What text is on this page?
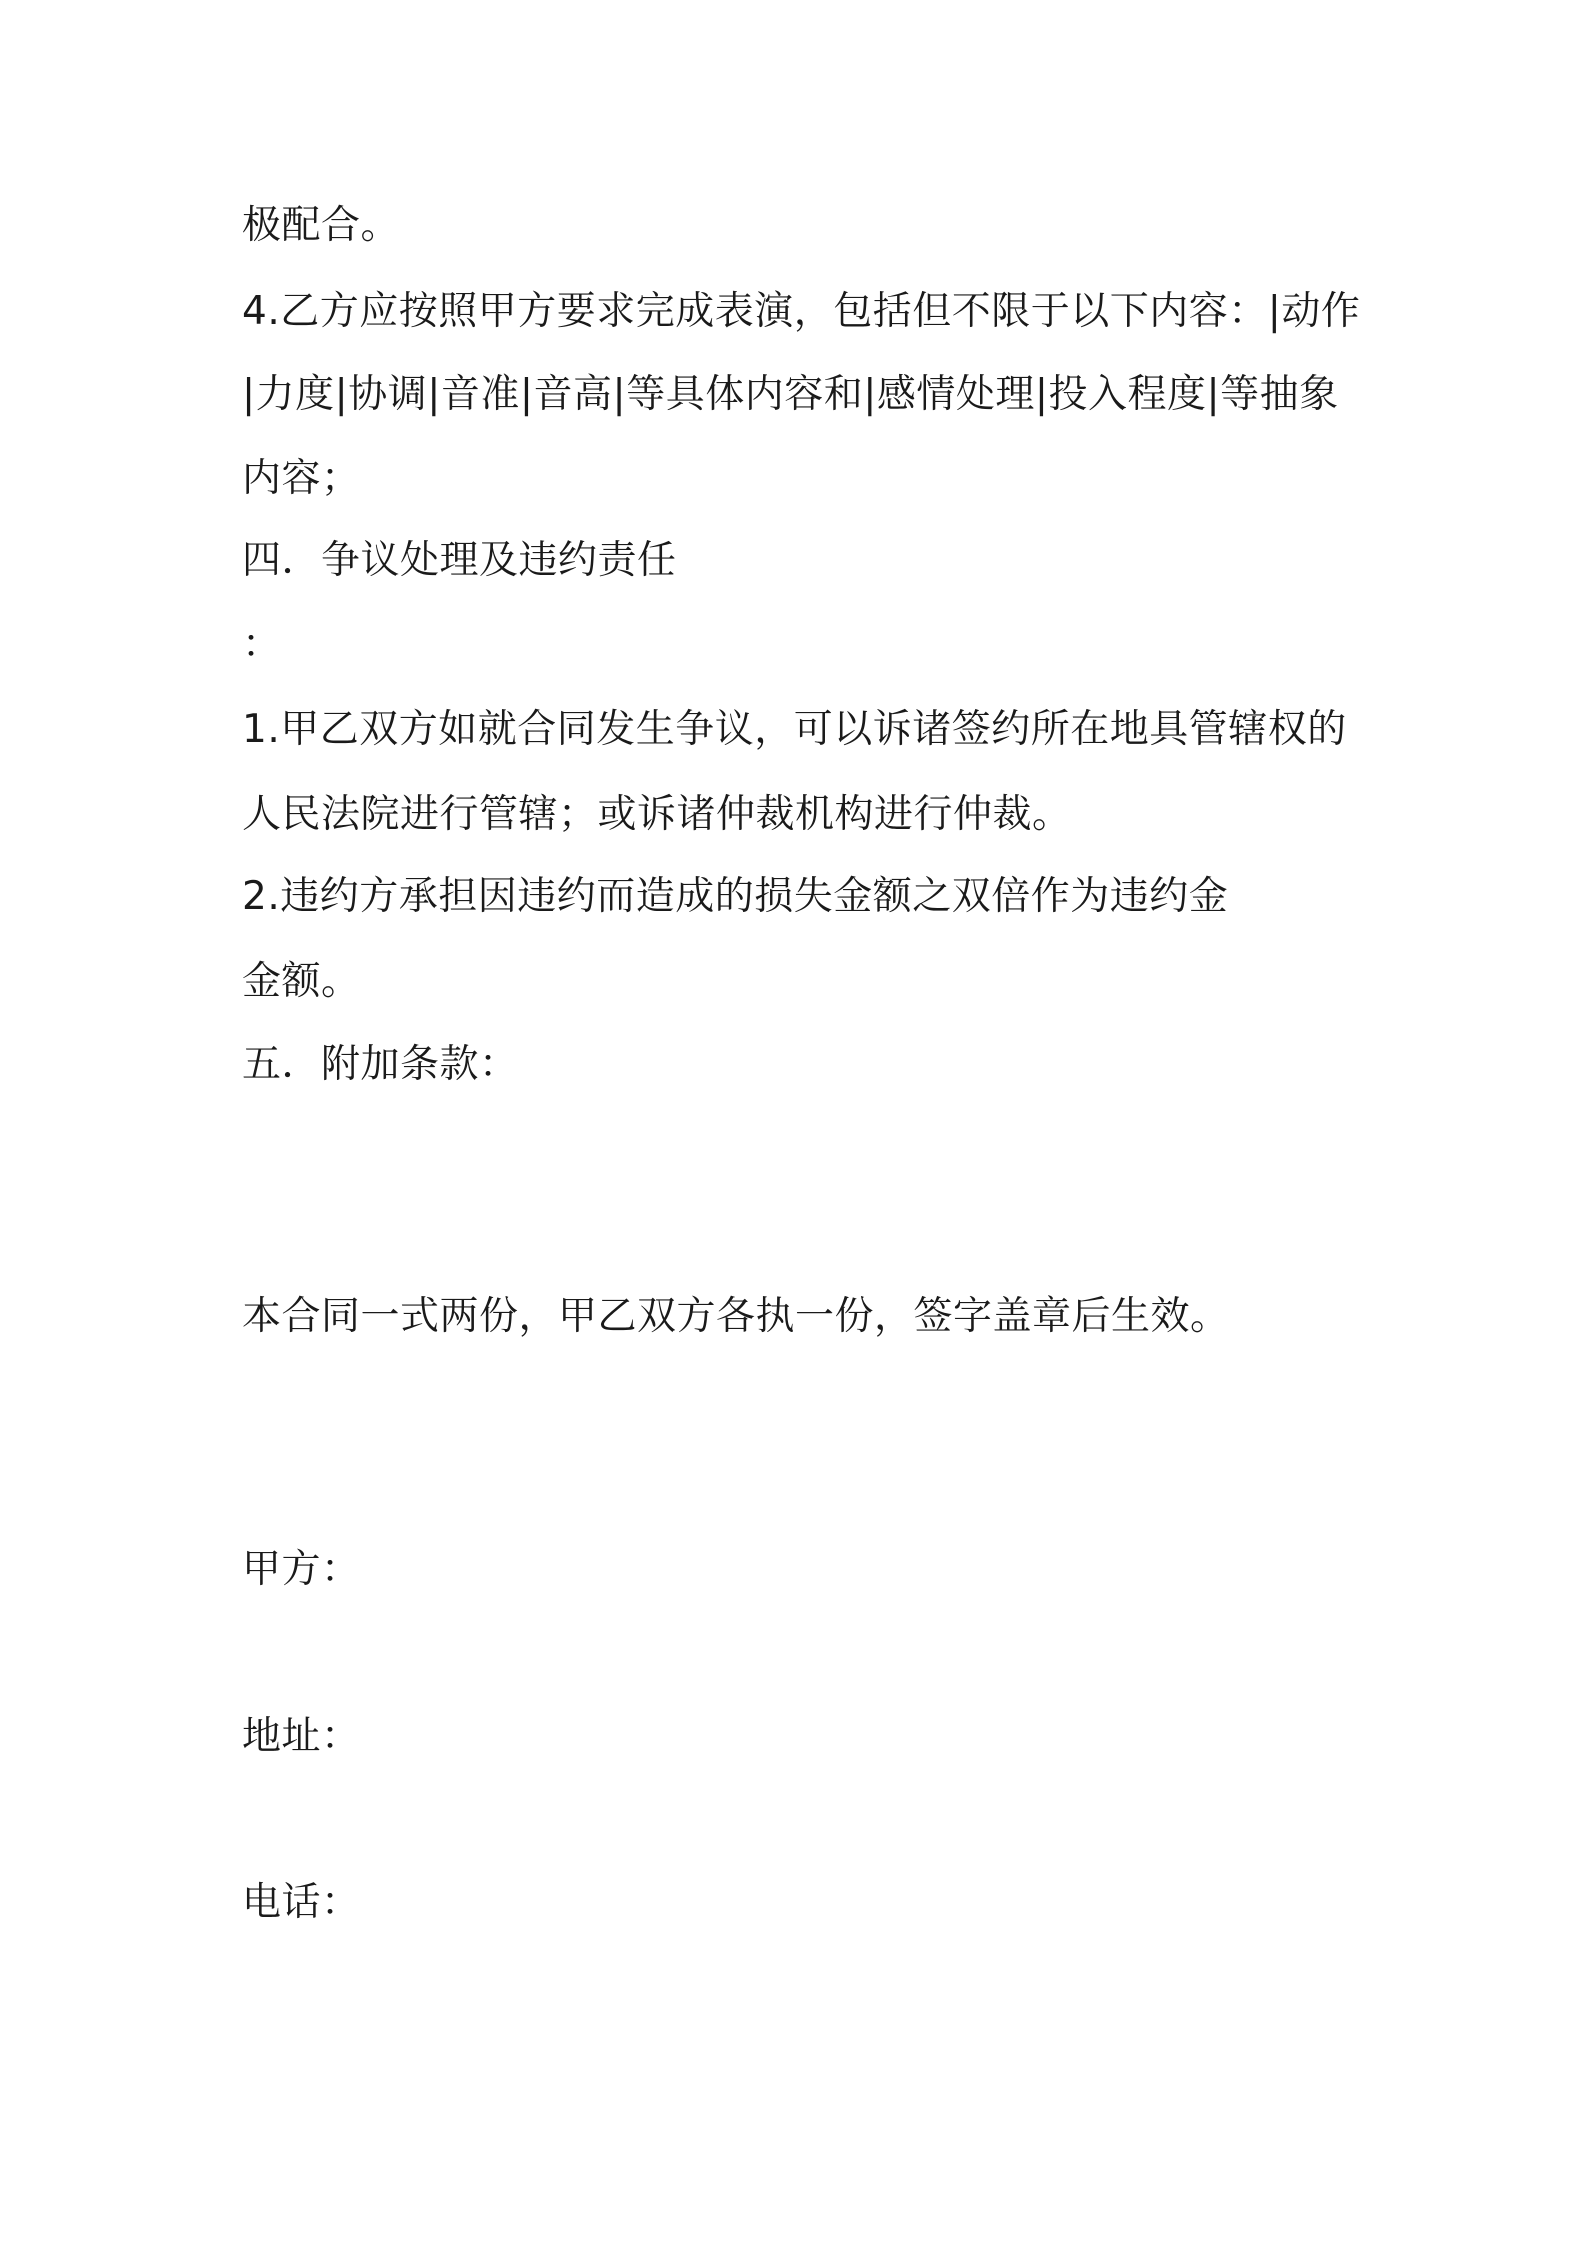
极配合。
4.乙方应按照甲方要求完成表演，包括但不限于以下内容：|动作
|力度|协调|音准|音高|等具体内容和|感情处理|投入程度|等抽象
内容；
四．争议处理及违约责任
：
1.甲乙双方如就合同发生争议，可以诉诸签约所在地具管辖权的
人民法院进行管辖；或诉诸仲裁机构进行仲裁。
2.违约方承担因违约而造成的损失金额之双倍作为违约金
金额。
五．附加条款：
本合同一式两份，甲乙双方各执一份，签字盖章后生效。
甲方：
地址：
电话：
